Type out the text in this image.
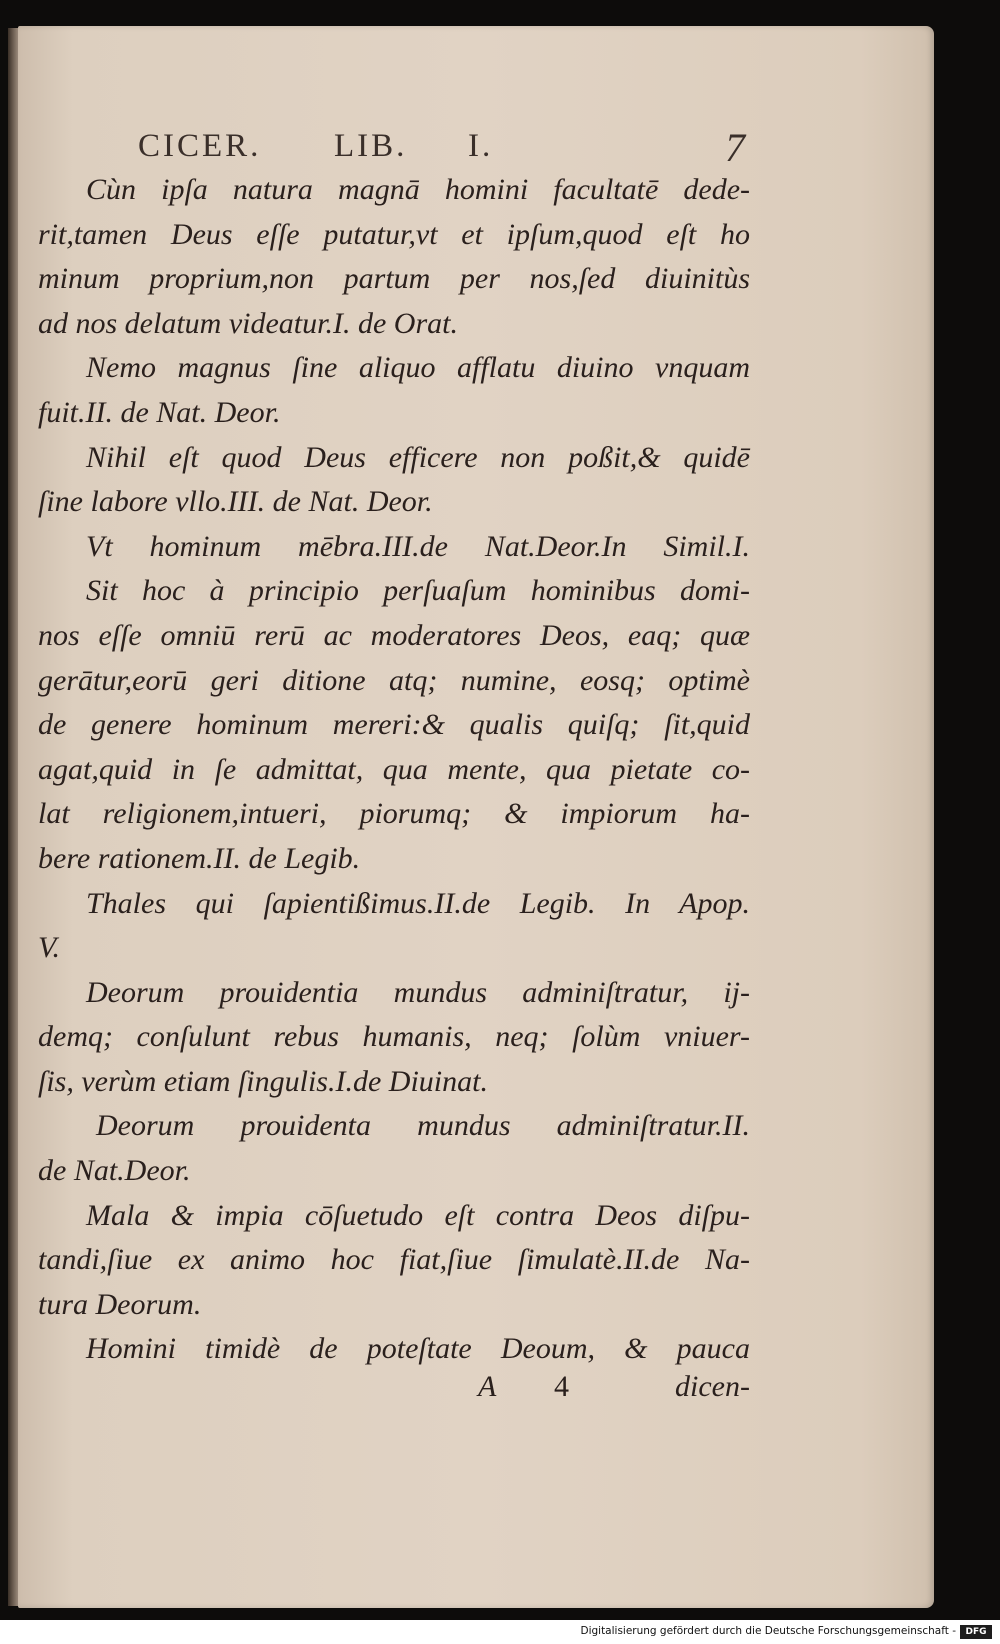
CICER. LIB. I.	7
Cùn ipſa natura magnā homini facultatē dede-
rit,tamen Deus eſſe putatur,vt et ipſum,quod eſt ho
minum proprium,non partum per nos,ſed diuinitùs
ad nos delatum videatur.I. de Orat.
Nemo magnus ſine aliquo afflatu diuino vnquam
fuit.II. de Nat. Deor.
Nihil eſt quod Deus efficere non poßit,& quidē
ſine labore vllo.III. de Nat. Deor.
Vt hominum mēbra.III.de Nat.Deor.In Simil.I.
Sit hoc à principio perſuaſum hominibus domi-
nos eſſe omniū rerū ac moderatores Deos, eaq; quæ
gerātur,eorū geri ditione atq; numine, eosq; optimè
de genere hominum mereri:& qualis quiſq; ſit,quid
agat,quid in ſe admittat, qua mente, qua pietate co-
lat religionem,intueri, piorumq; & impiorum ha-
bere rationem.II. de Legib.
Thales qui ſapientißimus.II.de Legib. In Apop.
V.
Deorum prouidentia mundus adminiſtratur, ij-
demq; conſulunt rebus humanis, neq; ſolùm vniuer-
ſis, verùm etiam ſingulis.I.de Diuinat.
Deorum prouidenta mundus adminiſtratur.II.
de Nat.Deor.
Mala & impia cōſuetudo eſt contra Deos diſpu-
tandi,ſiue ex animo hoc fiat,ſiue ſimulatè.II.de Na-
tura Deorum.
Homini timidè de poteſtate Deoum, & pauca
A 4	dicen-
Digitalisierung gefördert durch die Deutsche Forschungsgemeinschaft -	DFG
